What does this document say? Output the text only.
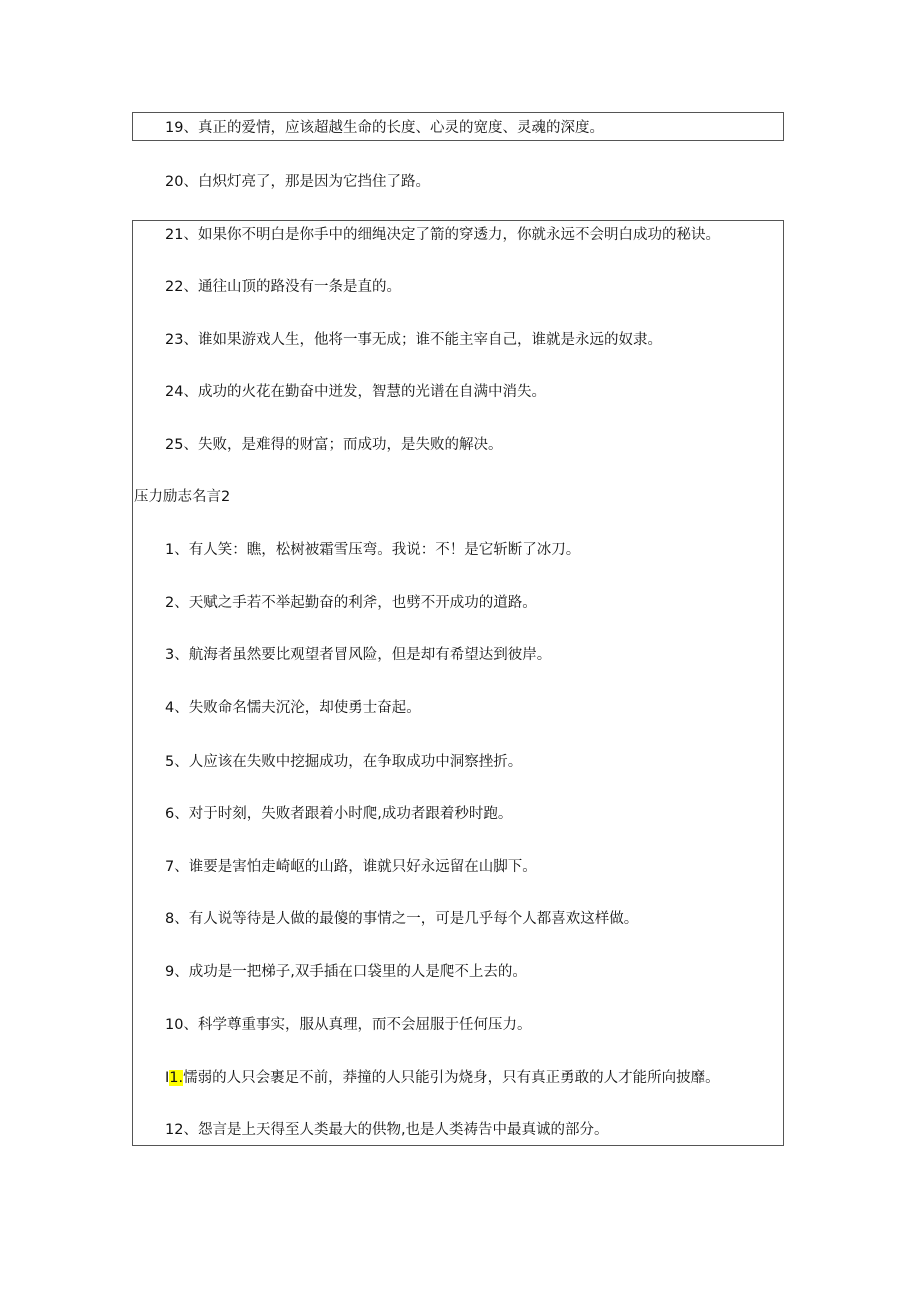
19、真正的爱情，应该超越生命的长度、心灵的宽度、灵魂的深度。
20、白炽灯亮了，那是因为它挡住了路。
21、如果你不明白是你手中的细绳决定了箭的穿透力，你就永远不会明白成功的秘诀。
22、通往山顶的路没有一条是直的。
23、谁如果游戏人生，他将一事无成；谁不能主宰自己，谁就是永远的奴隶。
24、成功的火花在勤奋中迸发，智慧的光谱在自满中消失。
25、失败，是难得的财富；而成功，是失败的解决。
压力励志名言2
1、有人笑：瞧，松树被霜雪压弯。我说：不！是它斩断了冰刀。
2、天赋之手若不举起勤奋的利斧，也劈不开成功的道路。
3、航海者虽然要比观望者冒风险，但是却有希望达到彼岸。
4、失败命名懦夫沉沦，却使勇士奋起。
5、人应该在失败中挖掘成功，在争取成功中洞察挫折。
6、对于时刻，失败者跟着小时爬,成功者跟着秒时跑。
7、谁要是害怕走崎岖的山路，谁就只好永远留在山脚下。
8、有人说等待是人做的最傻的事情之一，可是几乎每个人都喜欢这样做。
9、成功是一把梯子,双手插在口袋里的人是爬不上去的。
10、科学尊重事实，服从真理，而不会屈服于任何压力。
I1.懦弱的人只会裹足不前，莽撞的人只能引为烧身，只有真正勇敢的人才能所向披靡。
12、怨言是上天得至人类最大的供物,也是人类祷告中最真诚的部分。
